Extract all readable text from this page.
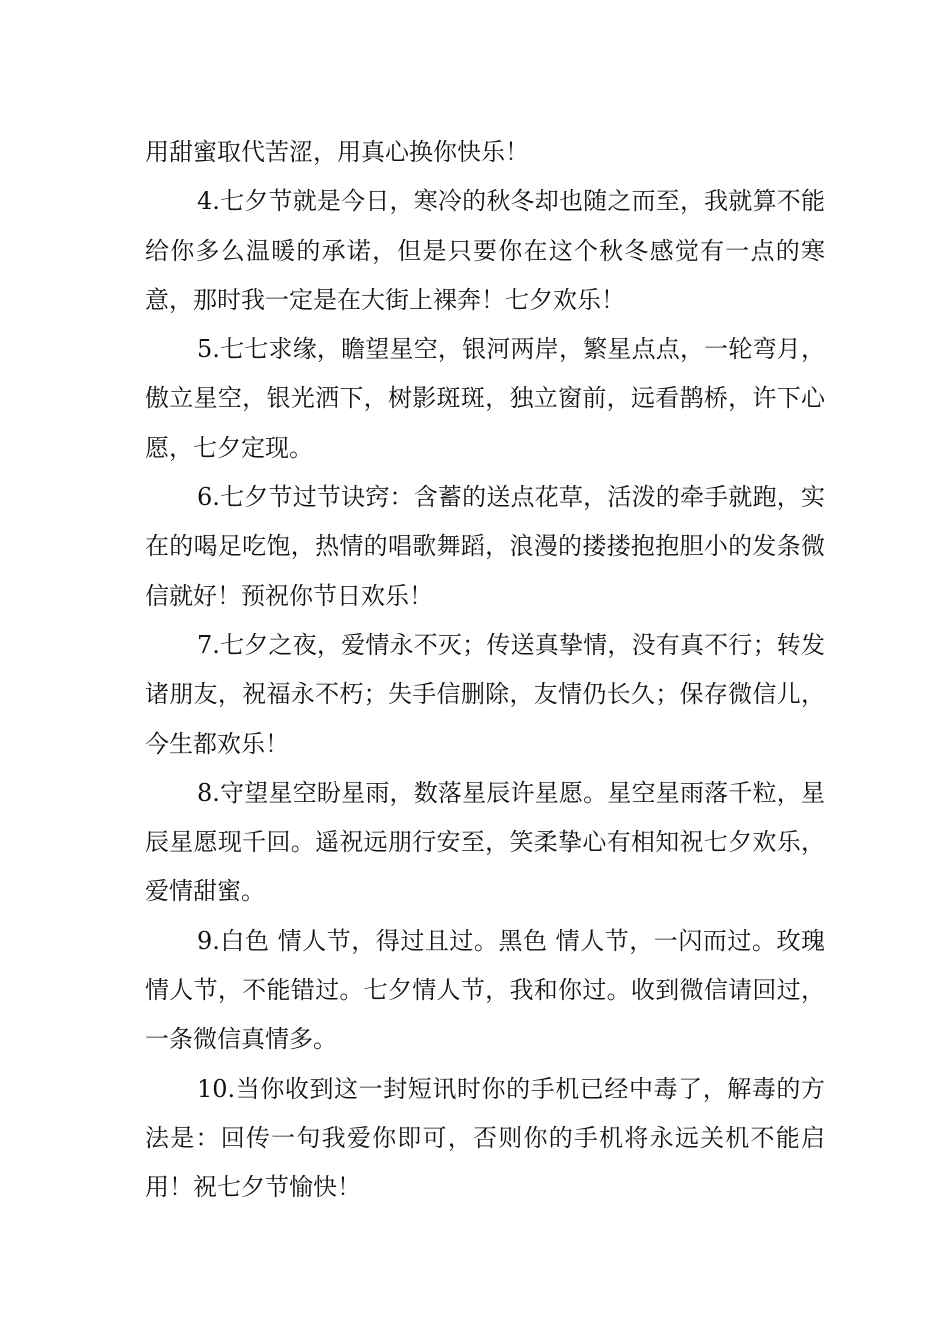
用甜蜜取代苦涩，用真心换你快乐！

4.七夕节就是今日，寒冷的秋冬却也随之而至，我就算不能给你多么温暖的承诺，但是只要你在这个秋冬感觉有一点的寒意，那时我一定是在大街上裸奔！七夕欢乐！

5.七七求缘，瞻望星空，银河两岸，繁星点点，一轮弯月，傲立星空，银光洒下，树影斑斑，独立窗前，远看鹊桥，许下心愿，七夕定现。

6.七夕节过节诀窍：含蓄的送点花草，活泼的牵手就跑，实在的喝足吃饱，热情的唱歌舞蹈，浪漫的搂搂抱抱胆小的发条微信就好！预祝你节日欢乐！

7.七夕之夜，爱情永不灭；传送真挚情，没有真不行；转发诸朋友，祝福永不朽；失手信删除，友情仍长久；保存微信儿，今生都欢乐！

8.守望星空盼星雨，数落星辰许星愿。星空星雨落千粒，星辰星愿现千回。遥祝远朋行安至，笑柔挚心有相知祝七夕欢乐，爱情甜蜜。

9.白色 情人节，得过且过。黑色 情人节，一闪而过。玫瑰情人节，不能错过。七夕情人节，我和你过。收到微信请回过，一条微信真情多。

10.当你收到这一封短讯时你的手机已经中毒了，解毒的方法是：回传一句我爱你即可，否则你的手机将永远关机不能启用！祝七夕节愉快！
